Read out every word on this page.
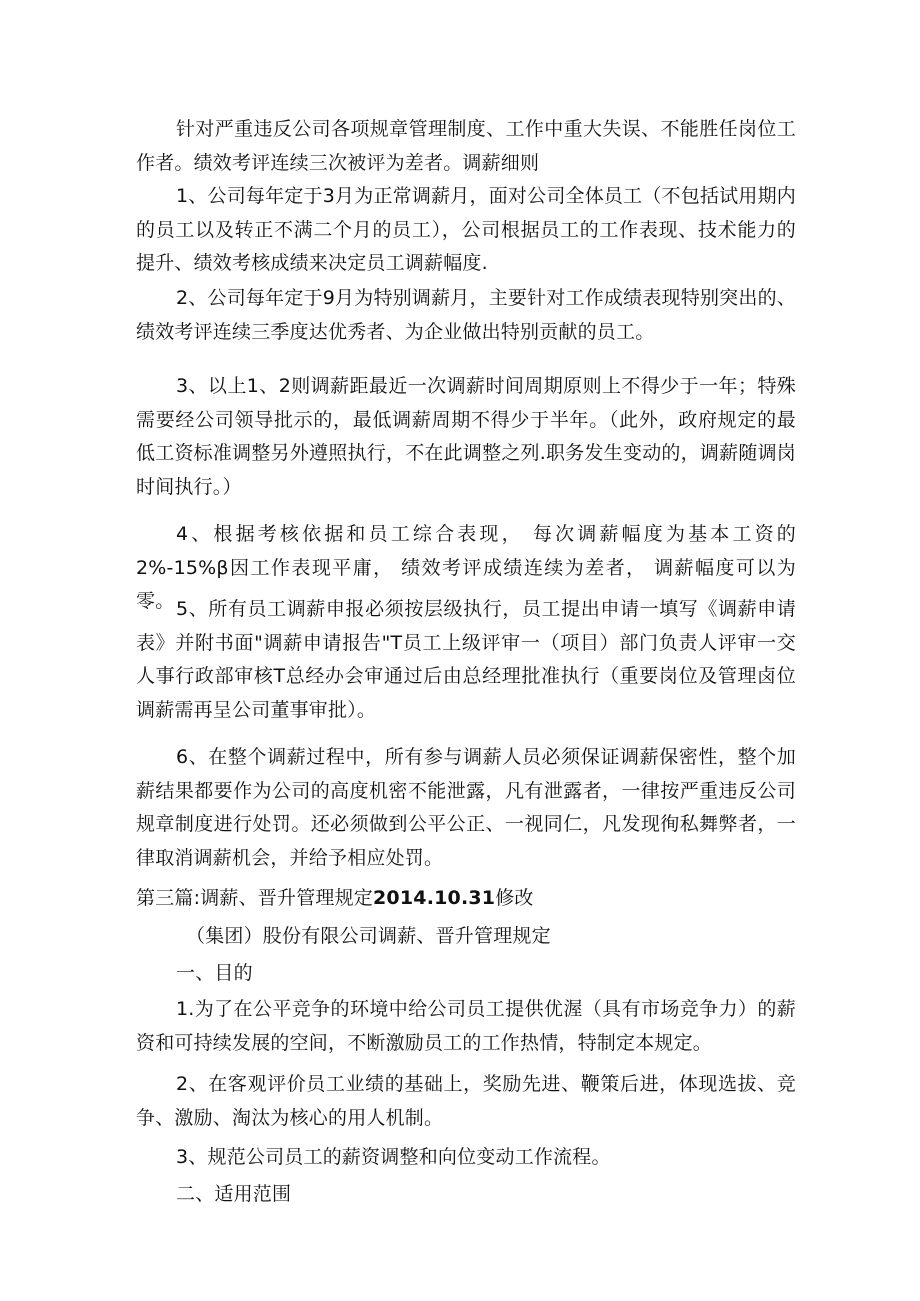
针对严重违反公司各项规章管理制度、工作中重大失误、不能胜任岗位工作者。绩效考评连续三次被评为差者。调薪细则

1、公司每年定于3月为正常调薪月，面对公司全体员工（不包括试用期内的员工以及转正不满二个月的员工），公司根据员工的工作表现、技术能力的提升、绩效考核成绩来决定员工调薪幅度.

2、公司每年定于9月为特别调薪月，主要针对工作成绩表现特别突出的、绩效考评连续三季度达优秀者、为企业做出特别贡献的员工。

3、以上1、2则调薪距最近一次调薪时间周期原则上不得少于一年；特殊需要经公司领导批示的，最低调薪周期不得少于半年。（此外，政府规定的最低工资标准调整另外遵照执行，不在此调整之列.职务发生变动的，调薪随调岗时间执行。）

4、根据考核依据和员工综合表现， 每次调薪幅度为基本工资的2%-15%β因工作表现平庸， 绩效考评成绩连续为差者， 调薪幅度可以为零。 5、所有员工调薪申报必须按层级执行，员工提出申请一填写《调薪申请表》并附书面"调薪申请报告"T员工上级评审一（项目）部门负责人评审一交人事行政部审核T总经办会审通过后由总经理批准执行（重要岗位及管理卤位调薪需再呈公司董事审批）。

6、在整个调薪过程中，所有参与调薪人员必须保证调薪保密性，整个加薪结果都要作为公司的高度机密不能泄露，凡有泄露者，一律按严重违反公司规章制度进行处罚。还必须做到公平公正、一视同仁，凡发现徇私舞弊者，一律取消调薪机会，并给予相应处罚。

第三篇:调薪、晋升管理规定2014.10.31修改

（集团）股份有限公司调薪、晋升管理规定

一、目的

1.为了在公平竞争的环境中给公司员工提供优渥（具有市场竞争力）的薪资和可持续发展的空间，不断激励员工的工作热情，特制定本规定。

2、在客观评价员工业绩的基础上，奖励先进、鞭策后进，体现选拔、竞争、激励、淘汰为核心的用人机制。

3、规范公司员工的薪资调整和向位变动工作流程。

二、适用范围
